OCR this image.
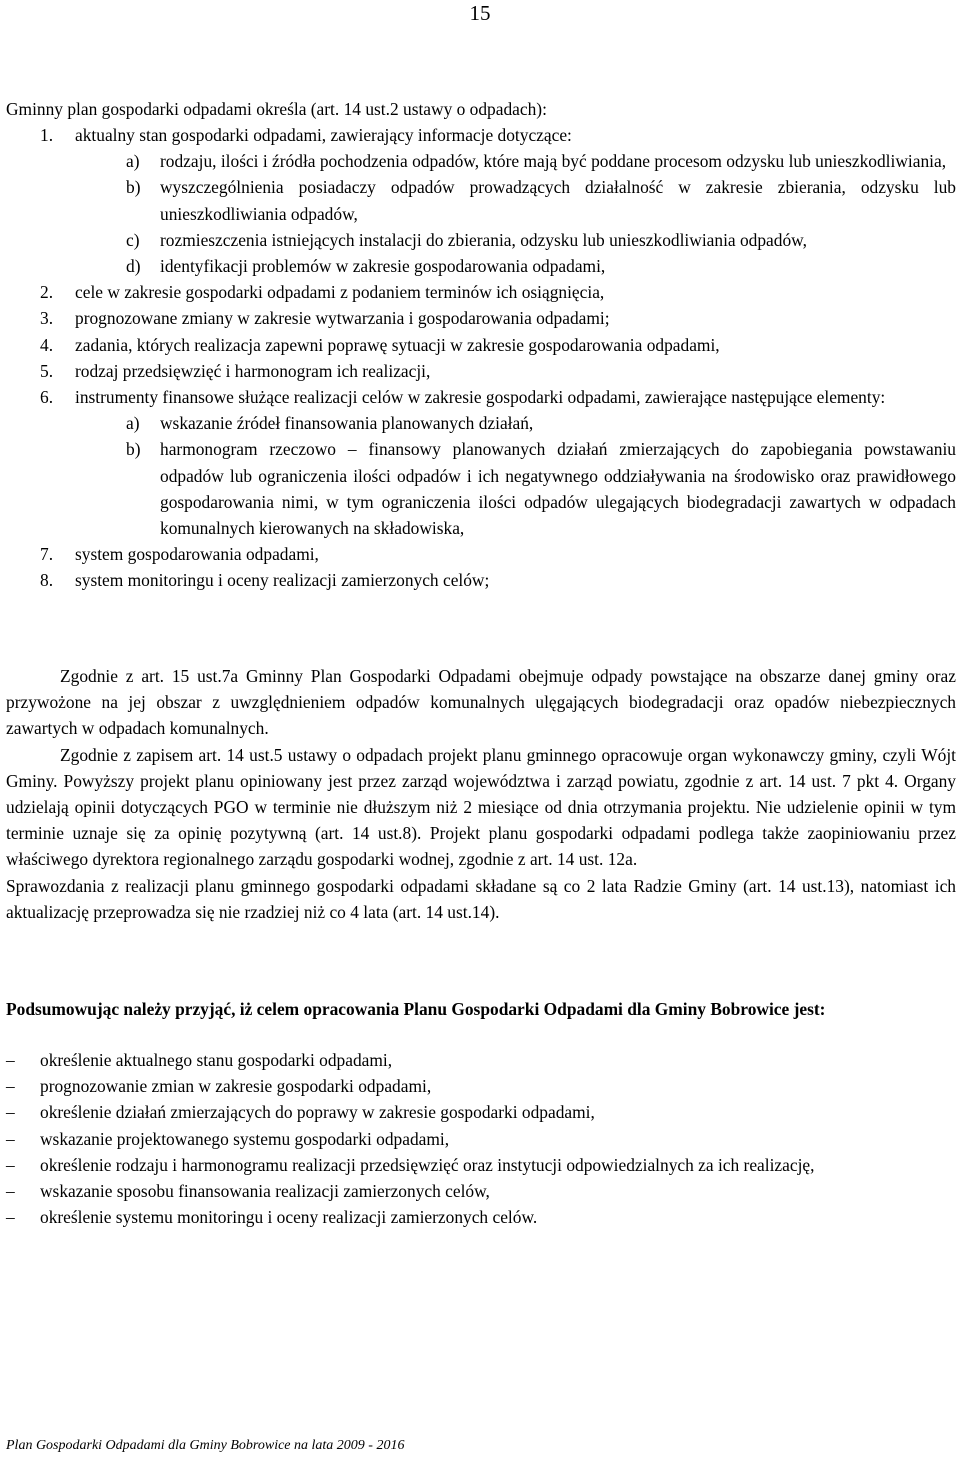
15
Gminny plan gospodarki odpadami określa (art. 14 ust.2 ustawy o odpadach):
1. aktualny stan gospodarki odpadami, zawierający informacje dotyczące:
a) rodzaju, ilości i źródła pochodzenia odpadów, które mają być poddane procesom odzysku lub unieszkodliwiania,
b) wyszczególnienia posiadaczy odpadów prowadzących działalność w zakresie zbierania, odzysku lub unieszkodliwiania odpadów,
c) rozmieszczenia istniejących instalacji do zbierania, odzysku lub unieszkodliwiania odpadów,
d) identyfikacji problemów w zakresie gospodarowania odpadami,
2. cele w zakresie gospodarki odpadami z podaniem terminów ich osiągnięcia,
3. prognozowane zmiany w zakresie wytwarzania i gospodarowania odpadami;
4. zadania, których realizacja zapewni poprawę sytuacji w zakresie gospodarowania odpadami,
5. rodzaj przedsięwzięć i harmonogram ich realizacji,
6. instrumenty finansowe służące realizacji celów w zakresie gospodarki odpadami, zawierające następujące elementy:
a) wskazanie źródeł finansowania planowanych działań,
b) harmonogram rzeczowo – finansowy planowanych działań zmierzających do zapobiegania powstawaniu odpadów lub ograniczenia ilości odpadów i ich negatywnego oddziaływania na środowisko oraz prawidłowego gospodarowania nimi, w tym ograniczenia ilości odpadów ulegających biodegradacji zawartych w odpadach komunalnych kierowanych na składowiska,
7. system gospodarowania odpadami,
8. system monitoringu i oceny realizacji zamierzonych celów;

Zgodnie z art. 15 ust.7a Gminny Plan Gospodarki Odpadami obejmuje odpady powstające na obszarze danej gminy oraz przywożone na jej obszar z uwzględnieniem odpadów komunalnych ulęgających biodegradacji oraz opadów niebezpiecznych zawartych w odpadach komunalnych.

Zgodnie z zapisem art. 14 ust.5 ustawy o odpadach projekt planu gminnego opracowuje organ wykonawczy gminy, czyli Wójt Gminy. Powyższy projekt planu opiniowany jest przez zarząd województwa i zarząd powiatu, zgodnie z art. 14 ust. 7 pkt 4. Organy udzielają opinii dotyczących PGO w terminie nie dłuższym niż 2 miesiące od dnia otrzymania projektu. Nie udzielenie opinii w tym terminie uznaje się za opinię pozytywną (art. 14 ust.8). Projekt planu gospodarki odpadami podlega także zaopiniowaniu przez właściwego dyrektora regionalnego zarządu gospodarki wodnej, zgodnie z art. 14 ust. 12a.

Sprawozdania z realizacji planu gminnego gospodarki odpadami składane są co 2 lata Radzie Gminy (art. 14 ust.13), natomiast ich aktualizację przeprowadza się nie rzadziej niż co 4 lata (art. 14 ust.14).

Podsumowując należy przyjąć, iż celem opracowania Planu Gospodarki Odpadami dla Gminy Bobrowice jest:
– określenie aktualnego stanu gospodarki odpadami,
– prognozowanie zmian w zakresie gospodarki odpadami,
– określenie działań zmierzających do poprawy w zakresie gospodarki odpadami,
– wskazanie projektowanego systemu gospodarki odpadami,
– określenie rodzaju i harmonogramu realizacji przedsięwzięć oraz instytucji odpowiedzialnych za ich realizację,
– wskazanie sposobu finansowania realizacji zamierzonych celów,
– określenie systemu monitoringu i oceny realizacji zamierzonych celów.
Plan Gospodarki Odpadami dla Gminy Bobrowice na lata 2009 - 2016
